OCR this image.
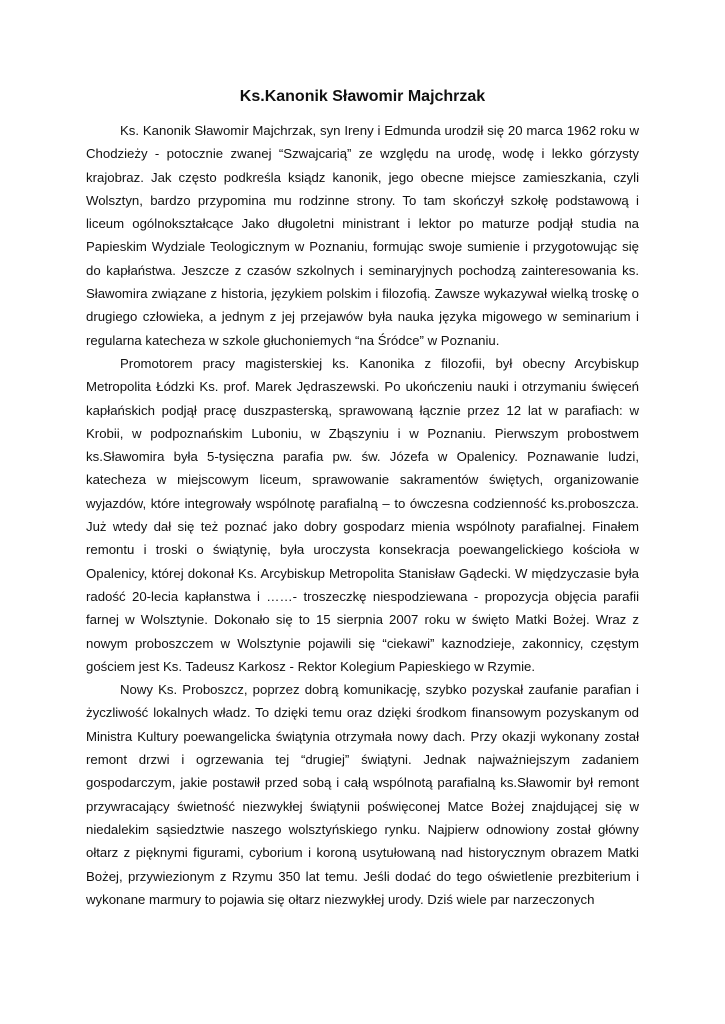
Ks.Kanonik Sławomir Majchrzak

Ks. Kanonik Sławomir Majchrzak, syn Ireny i Edmunda urodził się 20 marca 1962 roku w Chodzieży - potocznie zwanej “Szwajcarią” ze względu na urodę, wodę i lekko górzysty krajobraz. Jak często podkreśla ksiądz kanonik, jego obecne miejsce zamieszkania, czyli Wolsztyn, bardzo przypomina mu rodzinne strony. To tam skończył szkołę podstawową i liceum ogólnokształcące Jako długoletni ministrant i lektor po maturze podjął studia na Papieskim Wydziale Teologicznym w Poznaniu, formując swoje sumienie i przygotowując się do kapłaństwa. Jeszcze z czasów szkolnych i seminaryjnych pochodzą zainteresowania ks. Sławomira związane z historia, językiem polskim i filozofią. Zawsze wykazywał wielką troskę o drugiego człowieka, a jednym z jej przejawów była nauka języka migowego w seminarium i regularna katecheza w szkole głuchoniemych “na Śródce” w Poznaniu.

Promotorem pracy magisterskiej ks. Kanonika z filozofii, był obecny Arcybiskup Metropolita Łódzki Ks. prof. Marek Jędraszewski. Po ukończeniu nauki i otrzymaniu święceń kapłańskich podjął pracę duszpasterską, sprawowaną łącznie przez 12 lat w parafiach: w Krobii, w podpoznańskim Luboniu, w Zbąszyniu i w Poznaniu. Pierwszym probostwem ks.Sławomira była 5-tysięczna parafia pw. św. Józefa w Opalenicy. Poznawanie ludzi, katecheza w miejscowym liceum, sprawowanie sakramentów świętych, organizowanie wyjazdów, które integrowały wspólnotę parafialną – to ówczesna codzienność ks.proboszcza. Już wtedy dał się też poznać jako dobry gospodarz mienia wspólnoty parafialnej. Finałem remontu i troski o świątynię, była uroczysta konsekracja poewangelickiego kościoła w Opalenicy, której dokonał Ks. Arcybiskup Metropolita Stanisław Gądecki. W międzyczasie była radość 20-lecia kapłanstwa i ……- troszeczkę niespodziewana - propozycja objęcia parafii farnej w Wolsztynie. Dokonało się to 15 sierpnia 2007 roku w święto Matki Bożej. Wraz z nowym proboszczem w Wolsztynie pojawili się “ciekawi” kaznodzieje, zakonnicy, częstym gościem jest Ks. Tadeusz Karkosz - Rektor Kolegium Papieskiego w Rzymie.

Nowy Ks. Proboszcz, poprzez dobrą komunikację, szybko pozyskał zaufanie parafian i życzliwość lokalnych władz. To dzięki temu oraz dzięki środkom finansowym pozyskanym od Ministra Kultury poewangelicka świątynia otrzymała nowy dach. Przy okazji wykonany został remont drzwi i ogrzewania tej “drugiej” świątyni. Jednak najważniejszym zadaniem gospodarczym, jakie postawił przed sobą i całą wspólnotą parafialną ks.Sławomir był remont przywracający świetność niezwykłej świątynii poświęconej Matce Bożej znajdującej się w niedalekim sąsiedztwie naszego wolsztyńskiego rynku. Najpierw odnowiony został główny ołtarz z pięknymi figurami, cyborium i koroną usytułowaną nad historycznym obrazem Matki Bożej, przywiezionym z Rzymu 350 lat temu. Jeśli dodać do tego oświetlenie prezbiterium i wykonane marmury to pojawia się ołtarz niezwykłej urody. Dziś wiele par narzeczonych
